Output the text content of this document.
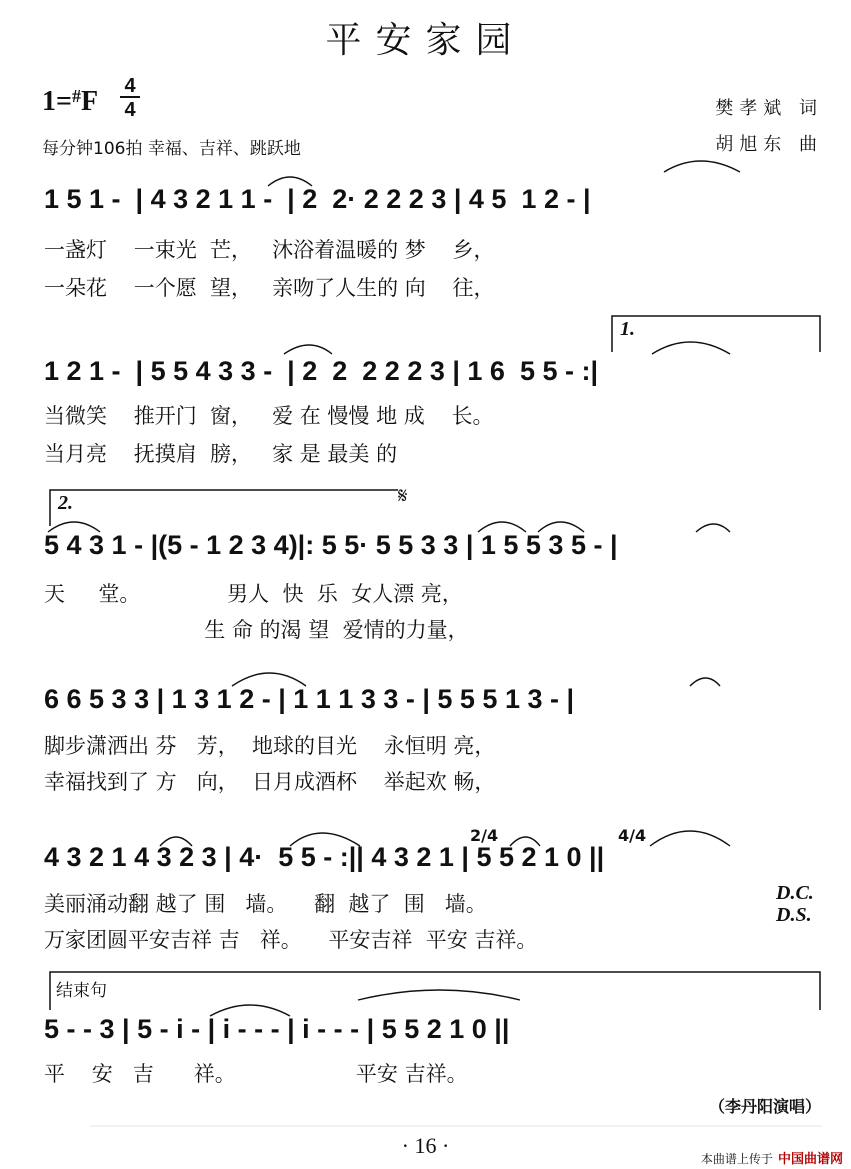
平安家园
1=#F 4
4
每分钟106拍 幸福、吉祥、跳跃地
樊孝斌 词
胡旭东 曲
1 5 1 -  | 4 3 2 1 1 -  | 2  2· 2 2 2 3 | 4 5  1 2 - |
一盏灯    一束光  芒，   沐浴着温暖的 梦    乡，
一朵花    一个愿  望，   亲吻了人生的 向    往，
1.
1 2 1 -  | 5 5 4 3 3 -  | 2  2  2 2 2 3 | 1 6  5 5 - :|
当微笑    推开门  窗，   爱 在 慢慢 地 成    长。
当月亮    抚摸肩  膀，   家 是 最美 的
2.	𝄋
5 4 3 1 - |(5 - 1 2 3 4)|: 5 5· 5 5 3 3 | 1 5 5 3 5 - |
天     堂。             男人  快  乐  女人漂 亮，
生 命 的渴 望  爱情的力量，
6 6 5 3 3 | 1 3 1 2 - | 1 1 1 3 3 - | 5 5 5 1 3 - |
脚步潇洒出 芬   芳，  地球的目光    永恒明 亮，
幸福找到了 方   向，  日月成酒杯    举起欢 畅，
4 3 2 1 4 3 2 3 | 4·  5 5 - :|| 4 3 2 1 | 5 5 2 1 0 ||
2/4	4/4
美丽涌动翻 越了 围   墙。    翻  越了  围   墙。
万家团圆平安吉祥 吉   祥。    平安吉祥  平安 吉祥。
D.C.
D.S.
结束句
5 - - 3 | 5 - i - | i - - - | i - - - | 5 5 2 1 0 ||
平    安   吉      祥。                  平安 吉祥。
（李丹阳演唱）
· 16 ·
本曲谱上传于 中国曲谱网
